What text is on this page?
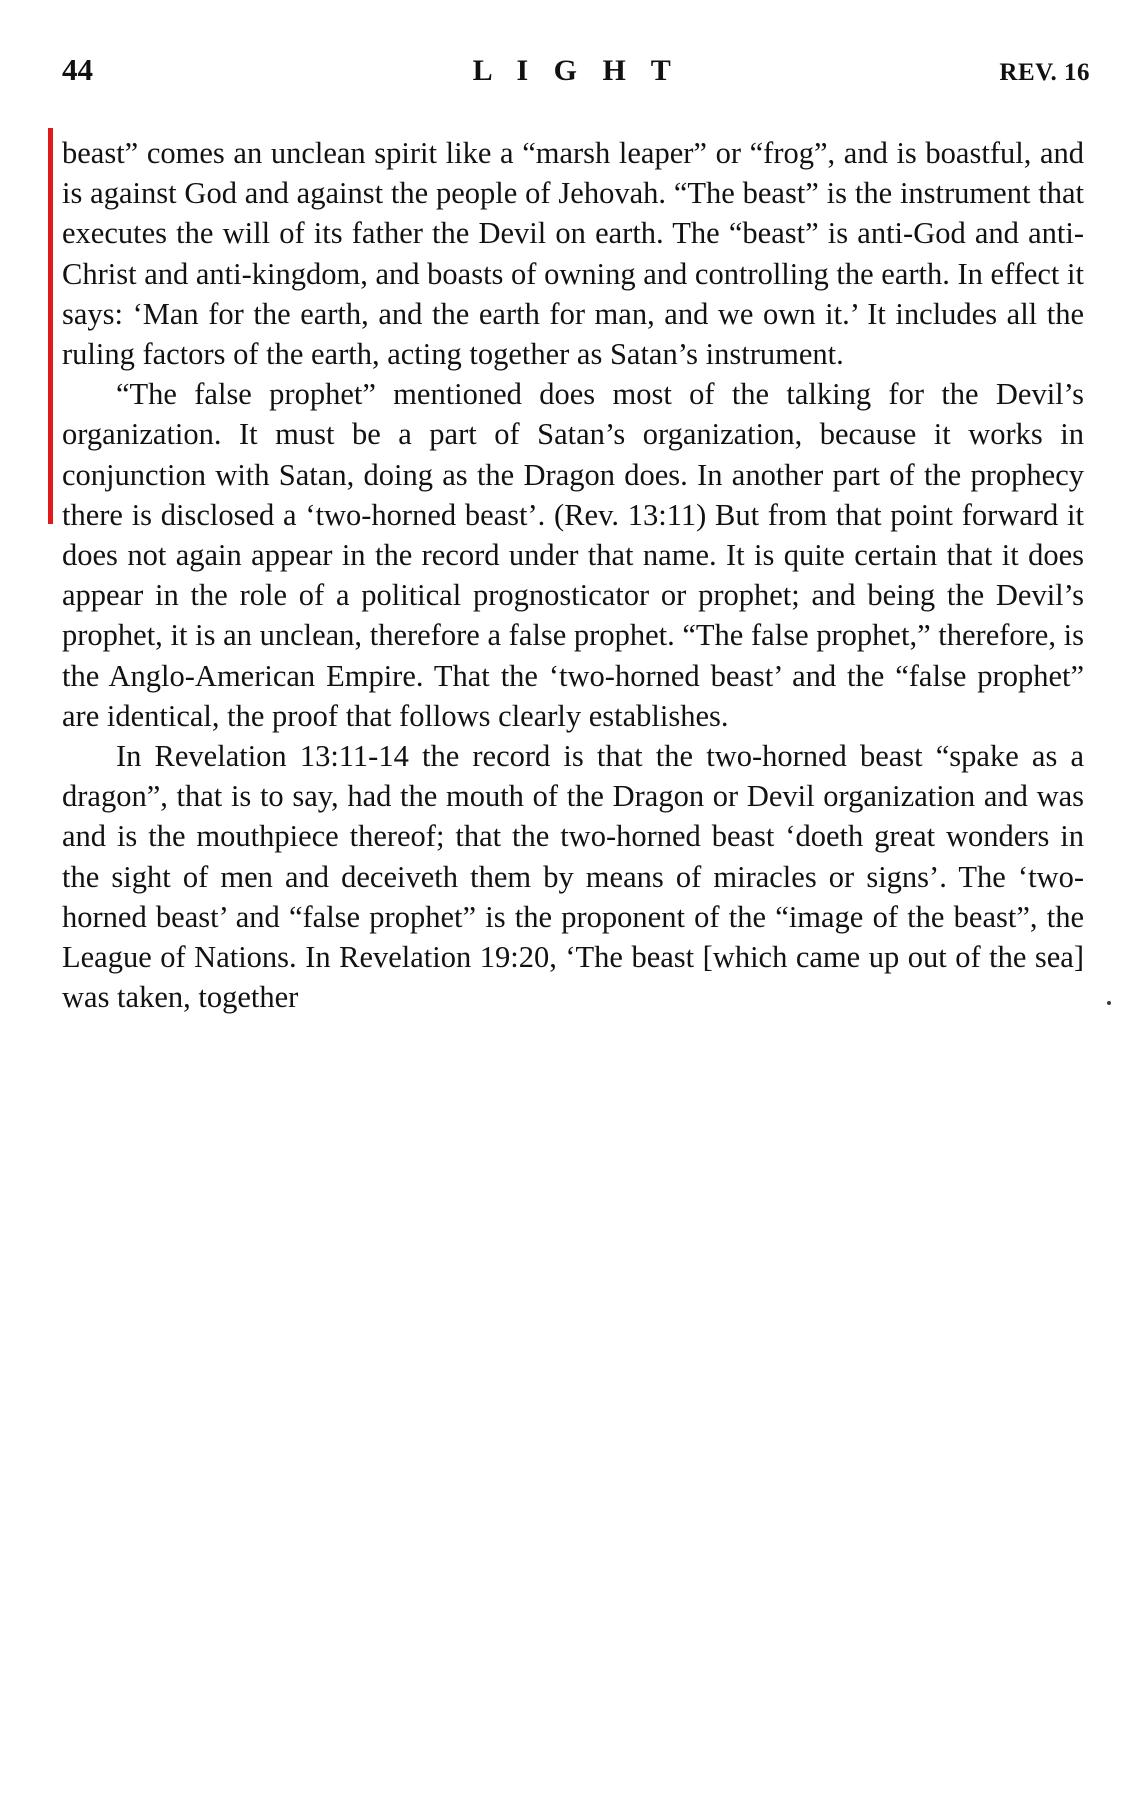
44	L I G H T	REV. 16

beast” comes an unclean spirit like a “marsh leaper” or “frog”, and is boastful, and is against God and against the people of Jehovah. “The beast” is the instrument that executes the will of its father the Devil on earth. The “beast” is anti-God and anti-Christ and anti-kingdom, and boasts of owning and controlling the earth. In effect it says: ‘Man for the earth, and the earth for man, and we own it.’ It includes all the ruling factors of the earth, acting together as Satan’s instrument.

“The false prophet” mentioned does most of the talking for the Devil’s organization. It must be a part of Satan’s organization, because it works in conjunction with Satan, doing as the Dragon does. In another part of the prophecy there is disclosed a ‘two-horned beast’. (Rev. 13:11) But from that point forward it does not again appear in the record under that name. It is quite certain that it does appear in the role of a political prognosticator or prophet; and being the Devil’s prophet, it is an unclean, therefore a false prophet. “The false prophet,” therefore, is the Anglo-American Empire. That the ‘two-horned beast’ and the “false prophet” are identical, the proof that follows clearly establishes.

In Revelation 13:11-14 the record is that the two-horned beast “spake as a dragon”, that is to say, had the mouth of the Dragon or Devil organization and was and is the mouthpiece thereof; that the two-horned beast ‘doeth great wonders in the sight of men and deceiveth them by means of miracles or signs’. The ‘two-horned beast’ and “false prophet” is the proponent of the “image of the beast”, the League of Nations. In Revelation 19:20, ‘The beast [which came up out of the sea] was taken, together
